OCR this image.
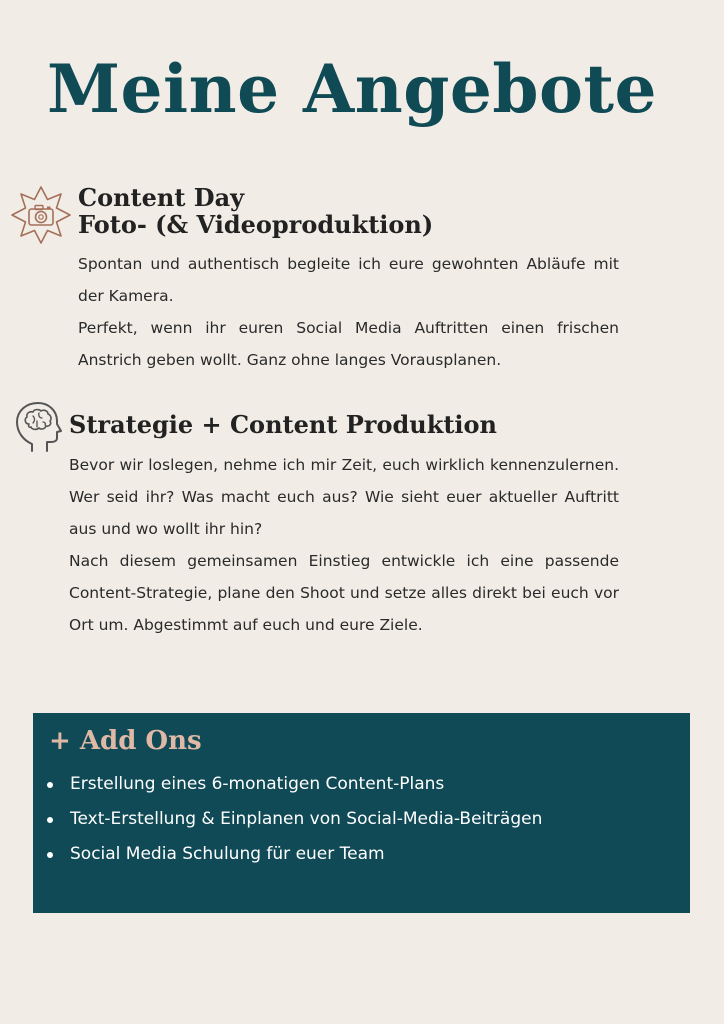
Meine Angebote
Content Day
Foto- (& Videoproduktion)

Spontan und authentisch begleite ich eure gewohnten Abläufe mit der Kamera.

Perfekt, wenn ihr euren Social Media Auftritten einen frischen Anstrich geben wollt. Ganz ohne langes Vorausplanen.

Strategie + Content Produktion

Bevor wir loslegen, nehme ich mir Zeit, euch wirklich kennenzulernen. Wer seid ihr? Was macht euch aus? Wie sieht euer aktueller Auftritt aus und wo wollt ihr hin?

Nach diesem gemeinsamen Einstieg entwickle ich eine passende Content-Strategie, plane den Shoot und setze alles direkt bei euch vor Ort um. Abgestimmt auf euch und eure Ziele.

+ Add Ons
Erstellung eines 6-monatigen Content-Plans
Text-Erstellung & Einplanen von Social-Media-Beiträgen
Social Media Schulung für euer Team
